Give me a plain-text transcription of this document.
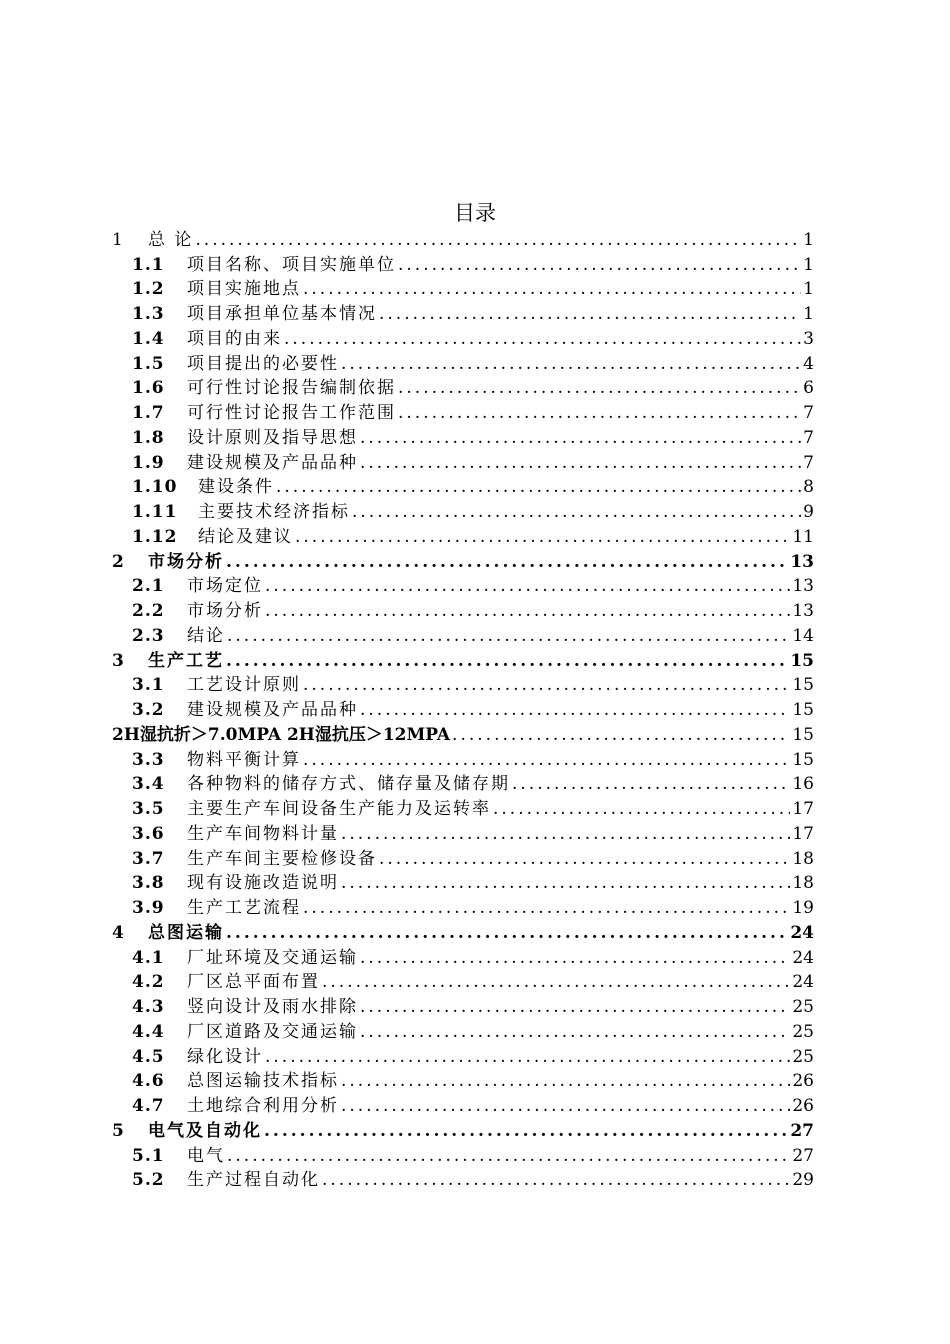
目录
1	总 论 .....	1
1.1	项目名称、项目实施单位 .....	1
1.2	项目实施地点 .....	1
1.3	项目承担单位基本情况 .....	1
1.4	项目的由来 .....	3
1.5	项目提出的必要性 .....	4
1.6	可行性讨论报告编制依据 .....	6
1.7	可行性讨论报告工作范围 .....	7
1.8	设计原则及指导思想 .....	7
1.9	建设规模及产品品种 .....	7
1.10	建设条件 .....	8
1.11	主要技术经济指标 .....	9
1.12	结论及建议 .....	11
2	市场分析 .....	13
2.1	市场定位 .....	13
2.2	市场分析 .....	13
2.3	结论 .....	14
3	生产工艺 .....	15
3.1	工艺设计原则 .....	15
3.2	建设规模及产品品种 .....	15
2H湿抗折＞7.0MPA 2H湿抗压＞12MPA .....	15
3.3	物料平衡计算 .....	15
3.4	各种物料的储存方式、储存量及储存期 .....	16
3.5	主要生产车间设备生产能力及运转率 .....	17
3.6	生产车间物料计量 .....	17
3.7	生产车间主要检修设备 .....	18
3.8	现有设施改造说明 .....	18
3.9	生产工艺流程 .....	19
4	总图运输 .....	24
4.1	厂址环境及交通运输 .....	24
4.2	厂区总平面布置 .....	24
4.3	竖向设计及雨水排除 .....	25
4.4	厂区道路及交通运输 .....	25
4.5	绿化设计 .....	25
4.6	总图运输技术指标 .....	26
4.7	土地综合利用分析 .....	26
5	电气及自动化 .....	27
5.1	电气 .....	27
5.2	生产过程自动化 .....	29
